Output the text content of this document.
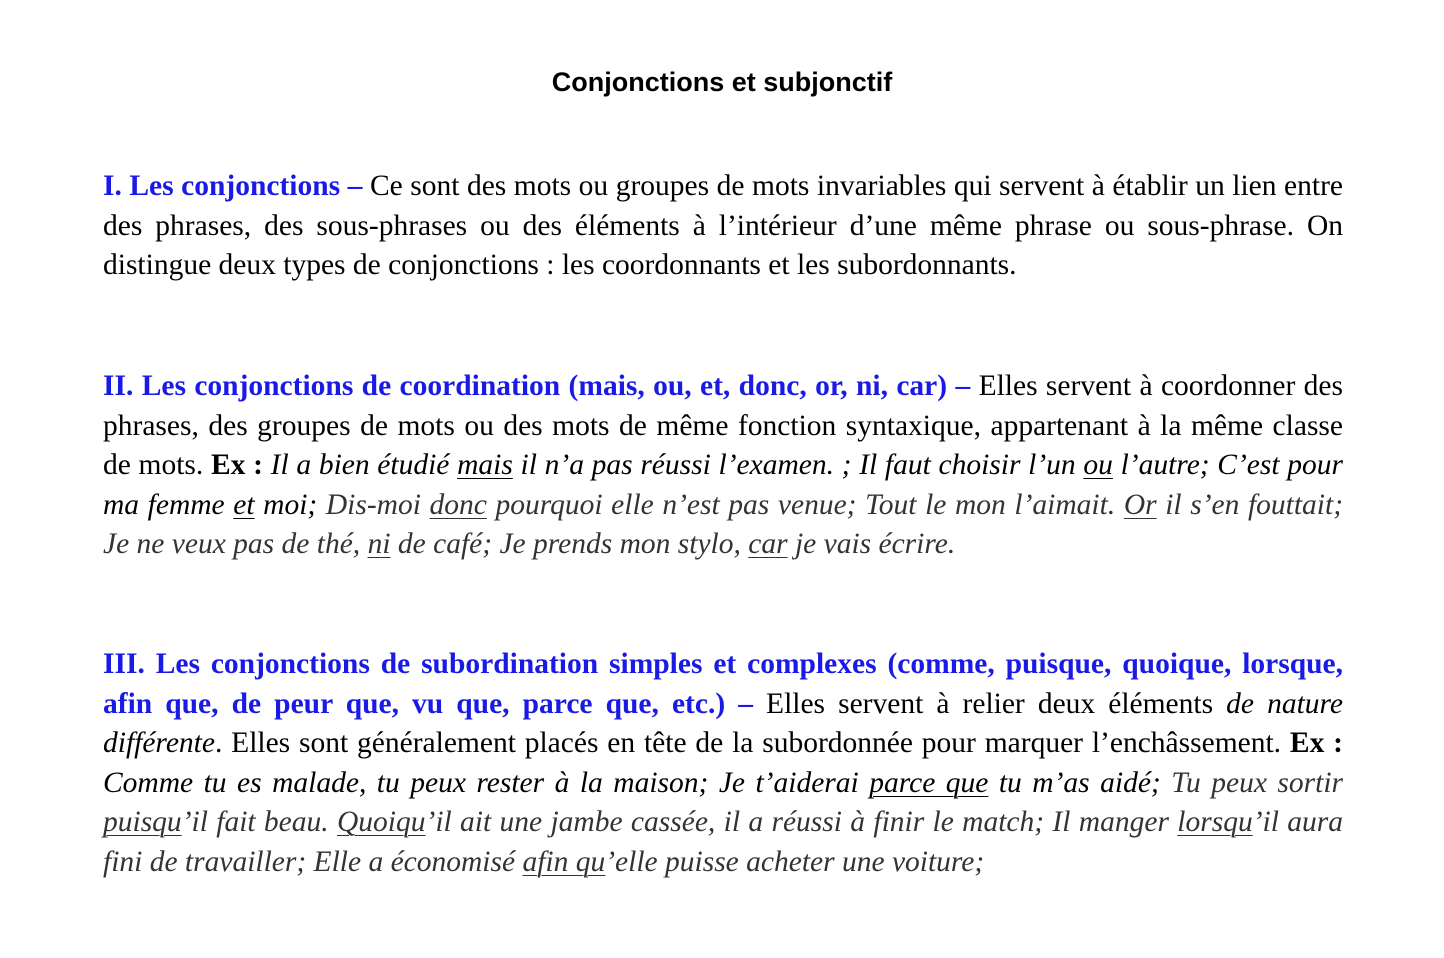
Conjonctions et subjonctif

I. Les conjonctions – Ce sont des mots ou groupes de mots invariables qui servent à établir un lien entre des phrases, des sous-phrases ou des éléments à l’intérieur d’une même phrase ou sous-phrase. On distingue deux types de conjonctions : les coordonnants et les subordonnants.

II. Les conjonctions de coordination (mais, ou, et, donc, or, ni, car) – Elles servent à coordonner des phrases, des groupes de mots ou des mots de même fonction syntaxique, appartenant à la même classe de mots. Ex : Il a bien étudié mais il n’a pas réussi l’examen. ; Il faut choisir l’un ou l’autre; C’est pour ma femme et moi; Dis-moi donc pourquoi elle n’est pas venue; Tout le mon l’aimait. Or il s’en fouttait; Je ne veux pas de thé, ni de café; Je prends mon stylo, car je vais écrire.

III. Les conjonctions de subordination simples et complexes (comme, puisque, quoique, lorsque, afin que, de peur que, vu que, parce que, etc.) – Elles servent à relier deux éléments de nature différente. Elles sont généralement placés en tête de la subordonnée pour marquer l’enchâssement. Ex : Comme tu es malade, tu peux rester à la maison; Je t’aiderai parce que tu m’as aidé; Tu peux sortir puisqu’il fait beau. Quoiqu’il ait une jambe cassée, il a réussi à finir le match; Il manger lorsqu’il aura fini de travailler; Elle a économisé afin qu’elle puisse acheter une voiture;
